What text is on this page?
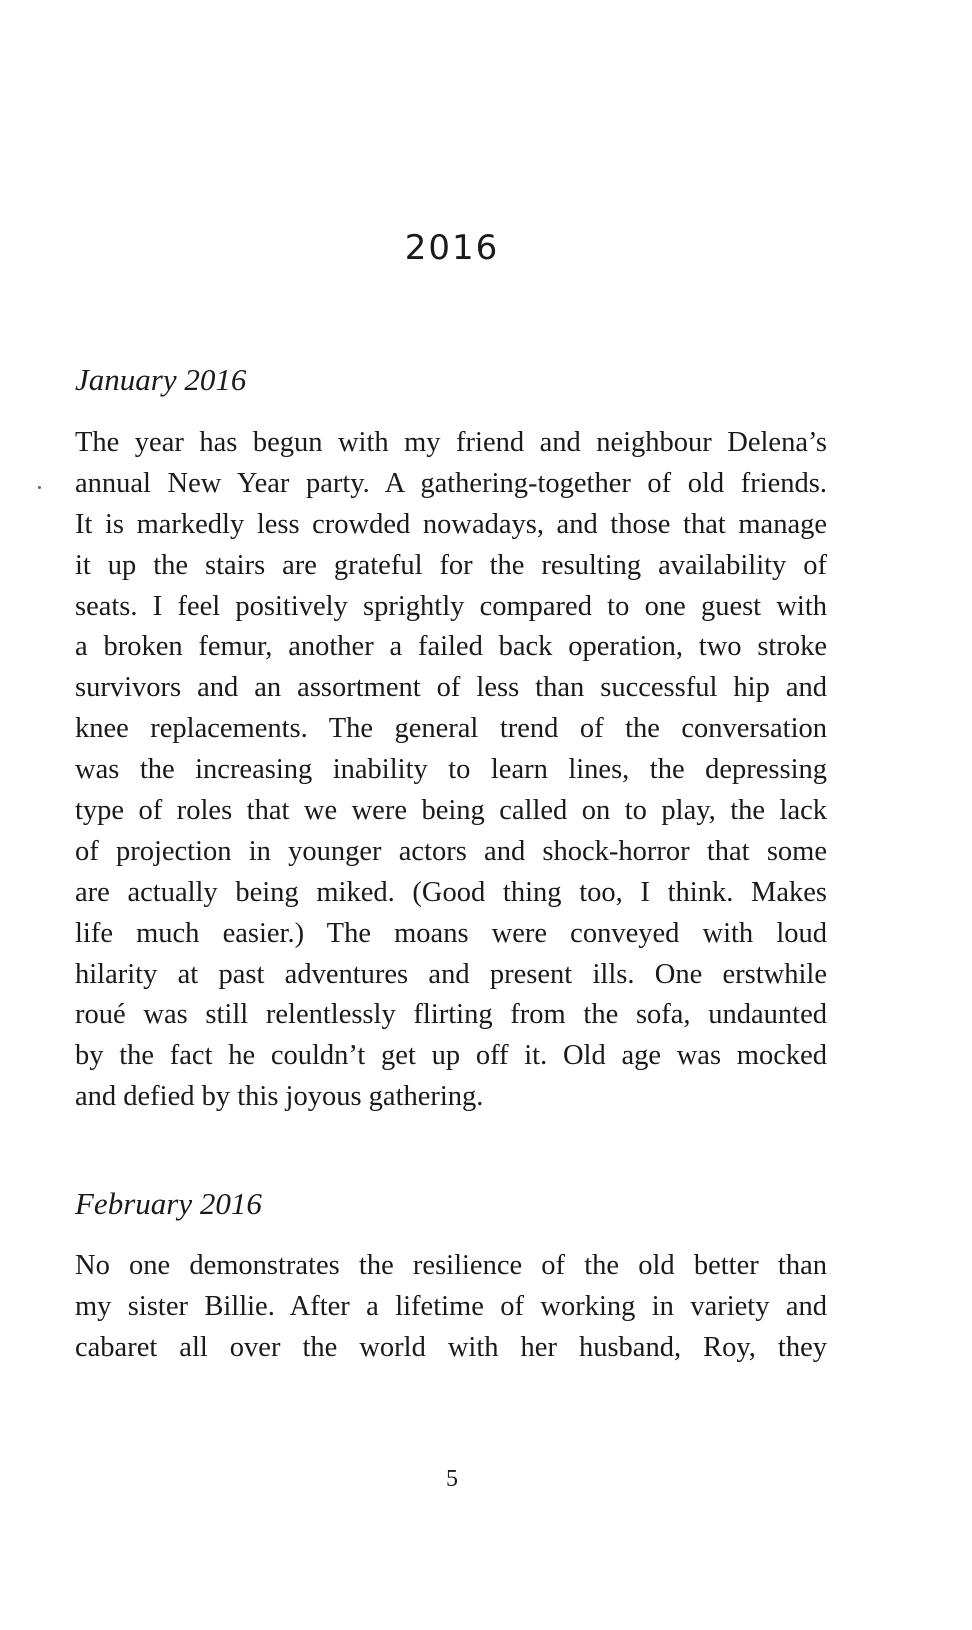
2016
January 2016
The year has begun with my friend and neighbour Delena’s
annual New Year party. A gathering-together of old friends.
It is markedly less crowded nowadays, and those that manage
it up the stairs are grateful for the resulting availability of
seats. I feel positively sprightly compared to one guest with
a broken femur, another a failed back operation, two stroke
survivors and an assortment of less than successful hip and
knee replacements. The general trend of the conversation
was the increasing inability to learn lines, the depressing
type of roles that we were being called on to play, the lack
of projection in younger actors and shock-horror that some
are actually being miked. (Good thing too, I think. Makes
life much easier.) The moans were conveyed with loud
hilarity at past adventures and present ills. One erstwhile
roué was still relentlessly flirting from the sofa, undaunted
by the fact he couldn’t get up off it. Old age was mocked
and defied by this joyous gathering.
February 2016
No one demonstrates the resilience of the old better than
my sister Billie. After a lifetime of working in variety and
cabaret all over the world with her husband, Roy, they
5
